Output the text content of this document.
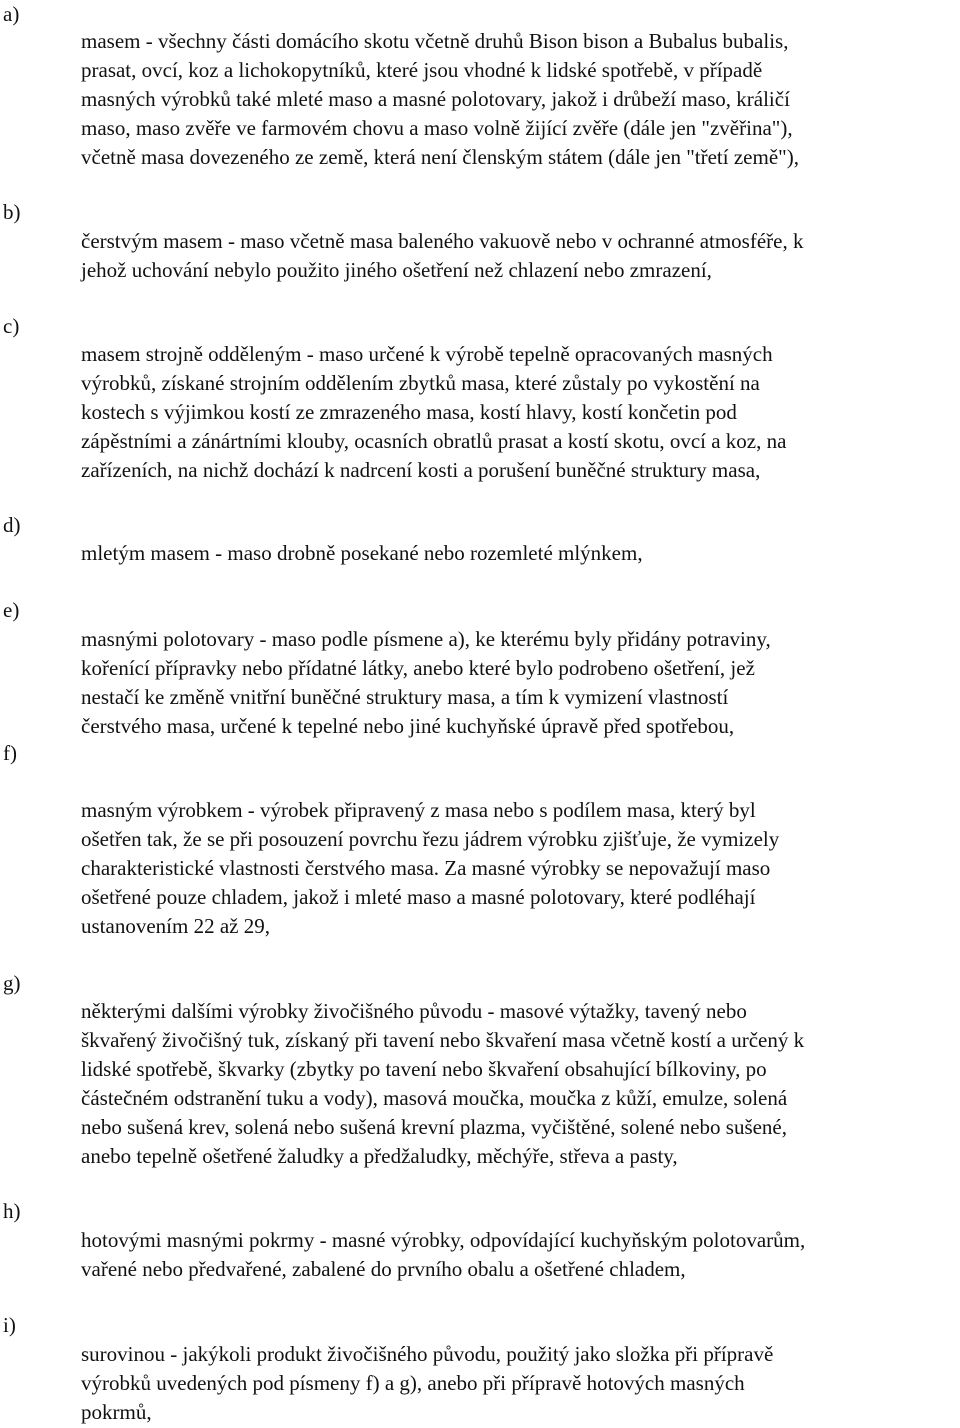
a)
masem - všechny části domácího skotu včetně druhů Bison bison a Bubalus bubalis,
prasat, ovcí, koz a lichokopytníků, které jsou vhodné k lidské spotřebě, v případě
masných výrobků také mleté maso a masné polotovary, jakož i drůbeží maso, králičí
maso, maso zvěře ve farmovém chovu a maso volně žijící zvěře (dále jen "zvěřina"),
včetně masa dovezeného ze země, která není členským státem (dále jen "třetí země"),
b)
čerstvým masem - maso včetně masa baleného vakuově nebo v ochranné atmosféře, k
jehož uchování nebylo použito jiného ošetření než chlazení nebo zmrazení,
c)
masem strojně odděleným - maso určené k výrobě tepelně opracovaných masných
výrobků, získané strojním oddělením zbytků masa, které zůstaly po vykostění na
kostech s výjimkou kostí ze zmrazeného masa, kostí hlavy, kostí končetin pod
zápěstními a zánártními klouby, ocasních obratlů prasat a kostí skotu, ovcí a koz, na
zařízeních, na nichž dochází k nadrcení kosti a porušení buněčné struktury masa,
d)
mletým masem - maso drobně posekané nebo rozemleté mlýnkem,
e)
masnými polotovary - maso podle písmene a), ke kterému byly přidány potraviny,
kořenící přípravky nebo přídatné látky, anebo které bylo podrobeno ošetření, jež
nestačí ke změně vnitřní buněčné struktury masa, a tím k vymizení vlastností
čerstvého masa, určené k tepelné nebo jiné kuchyňské úpravě před spotřebou,
f)
masným výrobkem - výrobek připravený z masa nebo s podílem masa, který byl
ošetřen tak, že se při posouzení povrchu řezu jádrem výrobku zjišťuje, že vymizely
charakteristické vlastnosti čerstvého masa. Za masné výrobky se nepovažují maso
ošetřené pouze chladem, jakož i mleté maso a masné polotovary, které podléhají
ustanovením 22 až 29,
g)
některými dalšími výrobky živočišného původu - masové výtažky, tavený nebo
škvařený živočišný tuk, získaný při tavení nebo škvaření masa včetně kostí a určený k
lidské spotřebě, škvarky (zbytky po tavení nebo škvaření obsahující bílkoviny, po
částečném odstranění tuku a vody), masová moučka, moučka z kůží, emulze, solená
nebo sušená krev, solená nebo sušená krevní plazma, vyčištěné, solené nebo sušené,
anebo tepelně ošetřené žaludky a předžaludky, měchýře, střeva a pasty,
h)
hotovými masnými pokrmy - masné výrobky, odpovídající kuchyňským polotovarům,
vařené nebo předvařené, zabalené do prvního obalu a ošetřené chladem,
i)
surovinou - jakýkoli produkt živočišného původu, použitý jako složka při přípravě
výrobků uvedených pod písmeny f) a g), anebo při přípravě hotových masných
pokrmů,
